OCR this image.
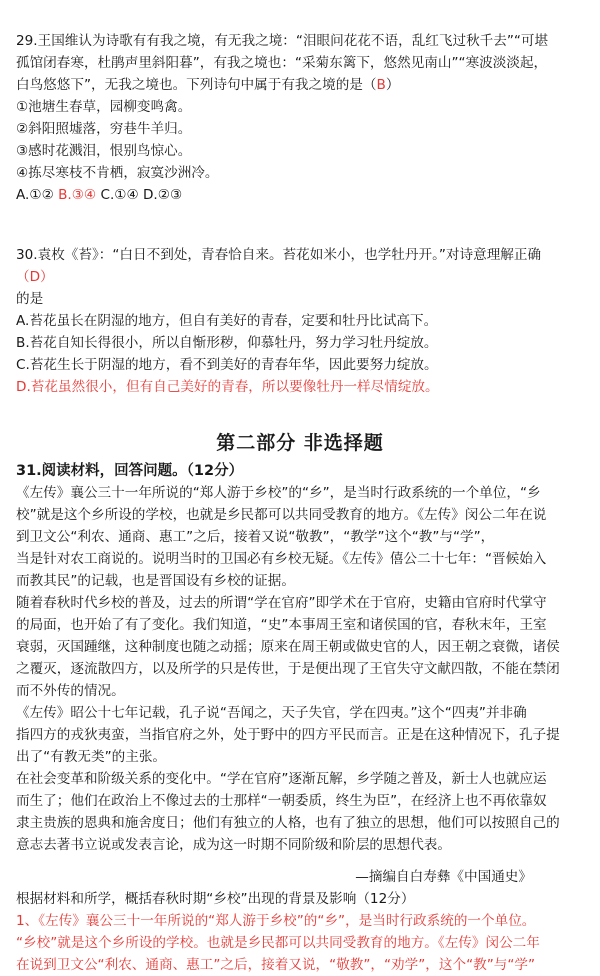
29.王国维认为诗歌有有我之境，有无我之境：“泪眼问花花不语，乱红飞过秋千去”“可堪
孤馆闭春寒，杜鹃声里斜阳暮”，有我之境也：“采菊东篱下，悠然见南山”“寒波淡淡起，
白鸟悠悠下”，无我之境也。下列诗句中属于有我之境的是（B）
①池塘生春草，园柳变鸣禽。
②斜阳照墟落，穷巷牛羊归。
③感时花溅泪，恨别鸟惊心。
④拣尽寒枝不肯栖，寂寞沙洲冷。
A.①② B.③④ C.①④ D.②③
30.袁枚《苔》：“白日不到处，青春恰自来。苔花如米小，也学牡丹开。”对诗意理解正确
（D）
的是
A.苔花虽长在阴湿的地方，但自有美好的青春，定要和牡丹比试高下。
B.苔花自知长得很小，所以自惭形秽，仰慕牡丹，努力学习牡丹绽放。
C.苔花生长于阴湿的地方，看不到美好的青春年华，因此要努力绽放。
D.苔花虽然很小，但有自己美好的青春，所以要像牡丹一样尽情绽放。
第二部分 非选择题
31.阅读材料，回答问题。（12分）
《左传》襄公三十一年所说的“郑人游于乡校”的“乡”，是当时行政系统的一个单位，“乡
校”就是这个乡所设的学校，也就是乡民都可以共同受教育的地方。《左传》闵公二年在说
到卫文公“利农、通商、惠工”之后，接着又说“敬教”，“教学”这个“教”与“学”，
当是针对农工商说的。说明当时的卫国必有乡校无疑。《左传》僖公二十七年：“晋候始入
而教其民”的记载，也是晋国设有乡校的证据。
随着春秋时代乡校的普及，过去的所谓“学在官府”即学术在于官府，史籍由官府时代掌守
的局面，也开始了有了变化。我们知道，“史”本事周王室和诸侯国的官，春秋末年，王室
衰弱，灭国踵继，这种制度也随之动摇；原来在周王朝或做史官的人，因王朝之衰微，诸侯
之覆灭，逐流散四方，以及所学的只是传世，于是便出现了王官失守文献四散，不能在禁闭
而不外传的情况。
《左传》昭公十七年记载，孔子说“吾闻之，天子失官，学在四夷。”这个“四夷”并非确
指四方的戎狄夷蛮，当指官府之外，处于野中的四方平民而言。正是在这种情况下，孔子提
出了“有教无类”的主张。
在社会变革和阶级关系的变化中。“学在官府”逐渐瓦解，乡学随之普及，新士人也就应运
而生了；他们在政治上不像过去的士那样“一朝委质，终生为臣”，在经济上也不再依靠奴
隶主贵族的恩典和施舍度日；他们有独立的人格，也有了独立的思想，他们可以按照自己的
意志去著书立说或发表言论，成为这一时期不同阶级和阶层的思想代表。
—摘编自白寿彝《中国通史》
根据材料和所学，概括春秋时期“乡校”出现的背景及影响（12分）
1、《左传》襄公三十一年所说的“郑人游于乡校”的“乡”，是当时行政系统的一个单位。
“乡校”就是这个乡所设的学校。也就是乡民都可以共同受教育的地方。《左传》闵公二年
在说到卫文公“利农、通商、惠工”之后，接着又说，“敬教”，“劝学”，这个“教”与“学”
